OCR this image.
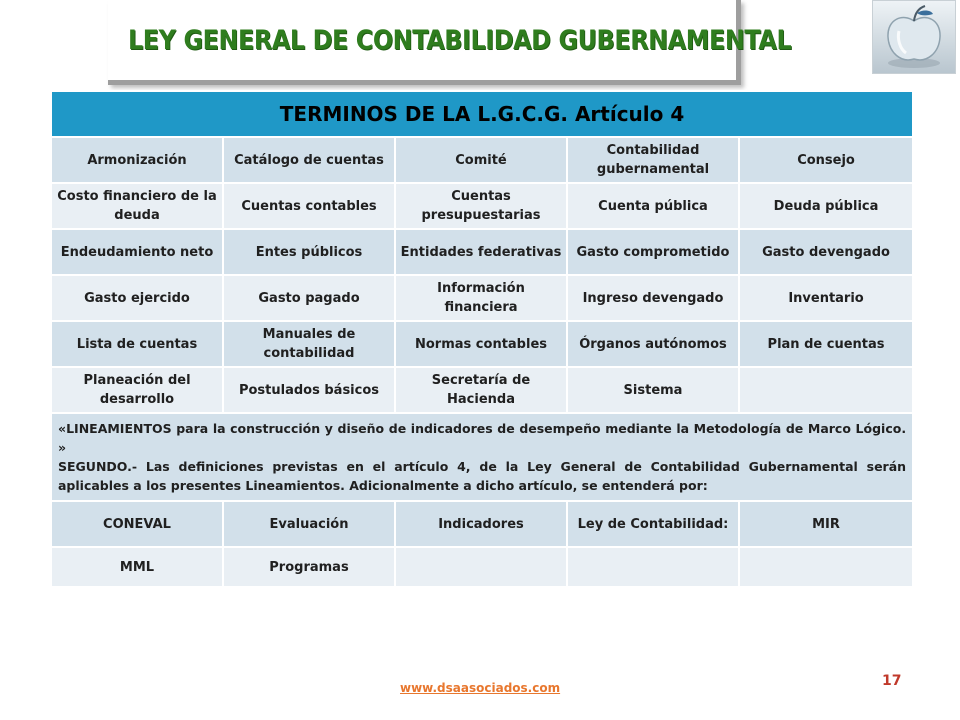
LEY GENERAL DE CONTABILIDAD GUBERNAMENTAL
TERMINOS DE LA L.G.C.G. Artículo 4				
Armonización	Catálogo de cuentas	Comité	Contabilidad gubernamental	Consejo
Costo financiero de la deuda	Cuentas contables	Cuentas presupuestarias	Cuenta pública	Deuda pública
Endeudamiento neto	Entes públicos	Entidades federativas	Gasto comprometido	Gasto devengado
Gasto ejercido	Gasto pagado	Información financiera	Ingreso devengado	Inventario
Lista de cuentas	Manuales de contabilidad	Normas contables	Órganos autónomos	Plan de cuentas
Planeación del desarrollo	Postulados básicos	Secretaría de Hacienda	Sistema	

«LINEAMIENTOS para la construcción y diseño de indicadores de desempeño mediante la Metodología de Marco Lógico. »
SEGUNDO.- Las definiciones previstas en el artículo 4, de la Ley General de Contabilidad Gubernamental serán aplicables a los presentes Lineamientos. Adicionalmente a dicho artículo, se entenderá por:				

CONEVAL	Evaluación	Indicadores	Ley de Contabilidad:	MIR
MML	Programas			
www.dsaasociados.com	17
